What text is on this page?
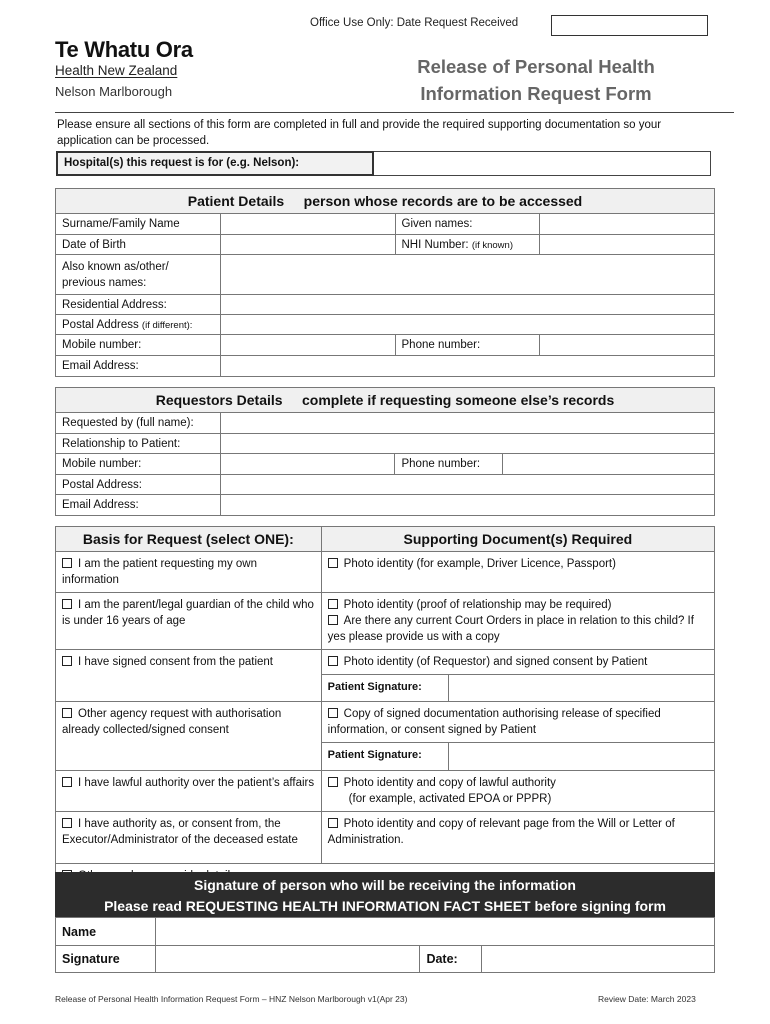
Office Use Only: Date Request Received
Te Whatu Ora
Health New Zealand
Nelson Marlborough
Release of Personal Health
Information Request Form
Please ensure all sections of this form are completed in full and provide the required supporting documentation so your application can be processed.
Hospital(s) this request is for (e.g. Nelson):
Patient Details person whose records are to be accessed			
Surname/Family Name		Given names:	
Date of Birth		NHI Number: (if known)	
Also known as/other/ previous names:			
Residential Address:			
Postal Address (if different):			
Mobile number:		Phone number:	
Email Address:			
Requestors Details complete if requesting someone else’s records			
Requested by (full name):			
Relationship to Patient:			
Mobile number:		Phone number:	
Postal Address:			
Email Address:			
Basis for Request (select ONE):	Supporting Document(s) Required	
I am the patient requesting my own information	Photo identity (for example, Driver Licence, Passport)	
I am the parent/legal guardian of the child who is under 16 years of age	Photo identity (proof of relationship may be required)
Are there any current Court Orders in place in relation to this child? If yes please provide us with a copy	

I have signed consent from the patient	Photo identity (of Requestor) and signed consent by Patient	
	Patient Signature:	
Other agency request with authorisation already collected/signed consent	Copy of signed documentation authorising release of specified information, or consent signed by Patient	
	Patient Signature:	
I have lawful authority over the patient’s affairs	Photo identity and copy of lawful authority
(for example, activated EPOA or PPPR)	

I have authority as, or consent from, the Executor/Administrator of the deceased estate	Photo identity and copy of relevant page from the Will or Letter of Administration.	

Signature of person who will be receiving the information
Please read REQUESTING HEALTH INFORMATION FACT SHEET before signing form
Name			
Signature		Date:	
Release of Personal Health Information Request Form – HNZ Nelson Marlborough v1(Apr 23)	Review Date: March 2023
